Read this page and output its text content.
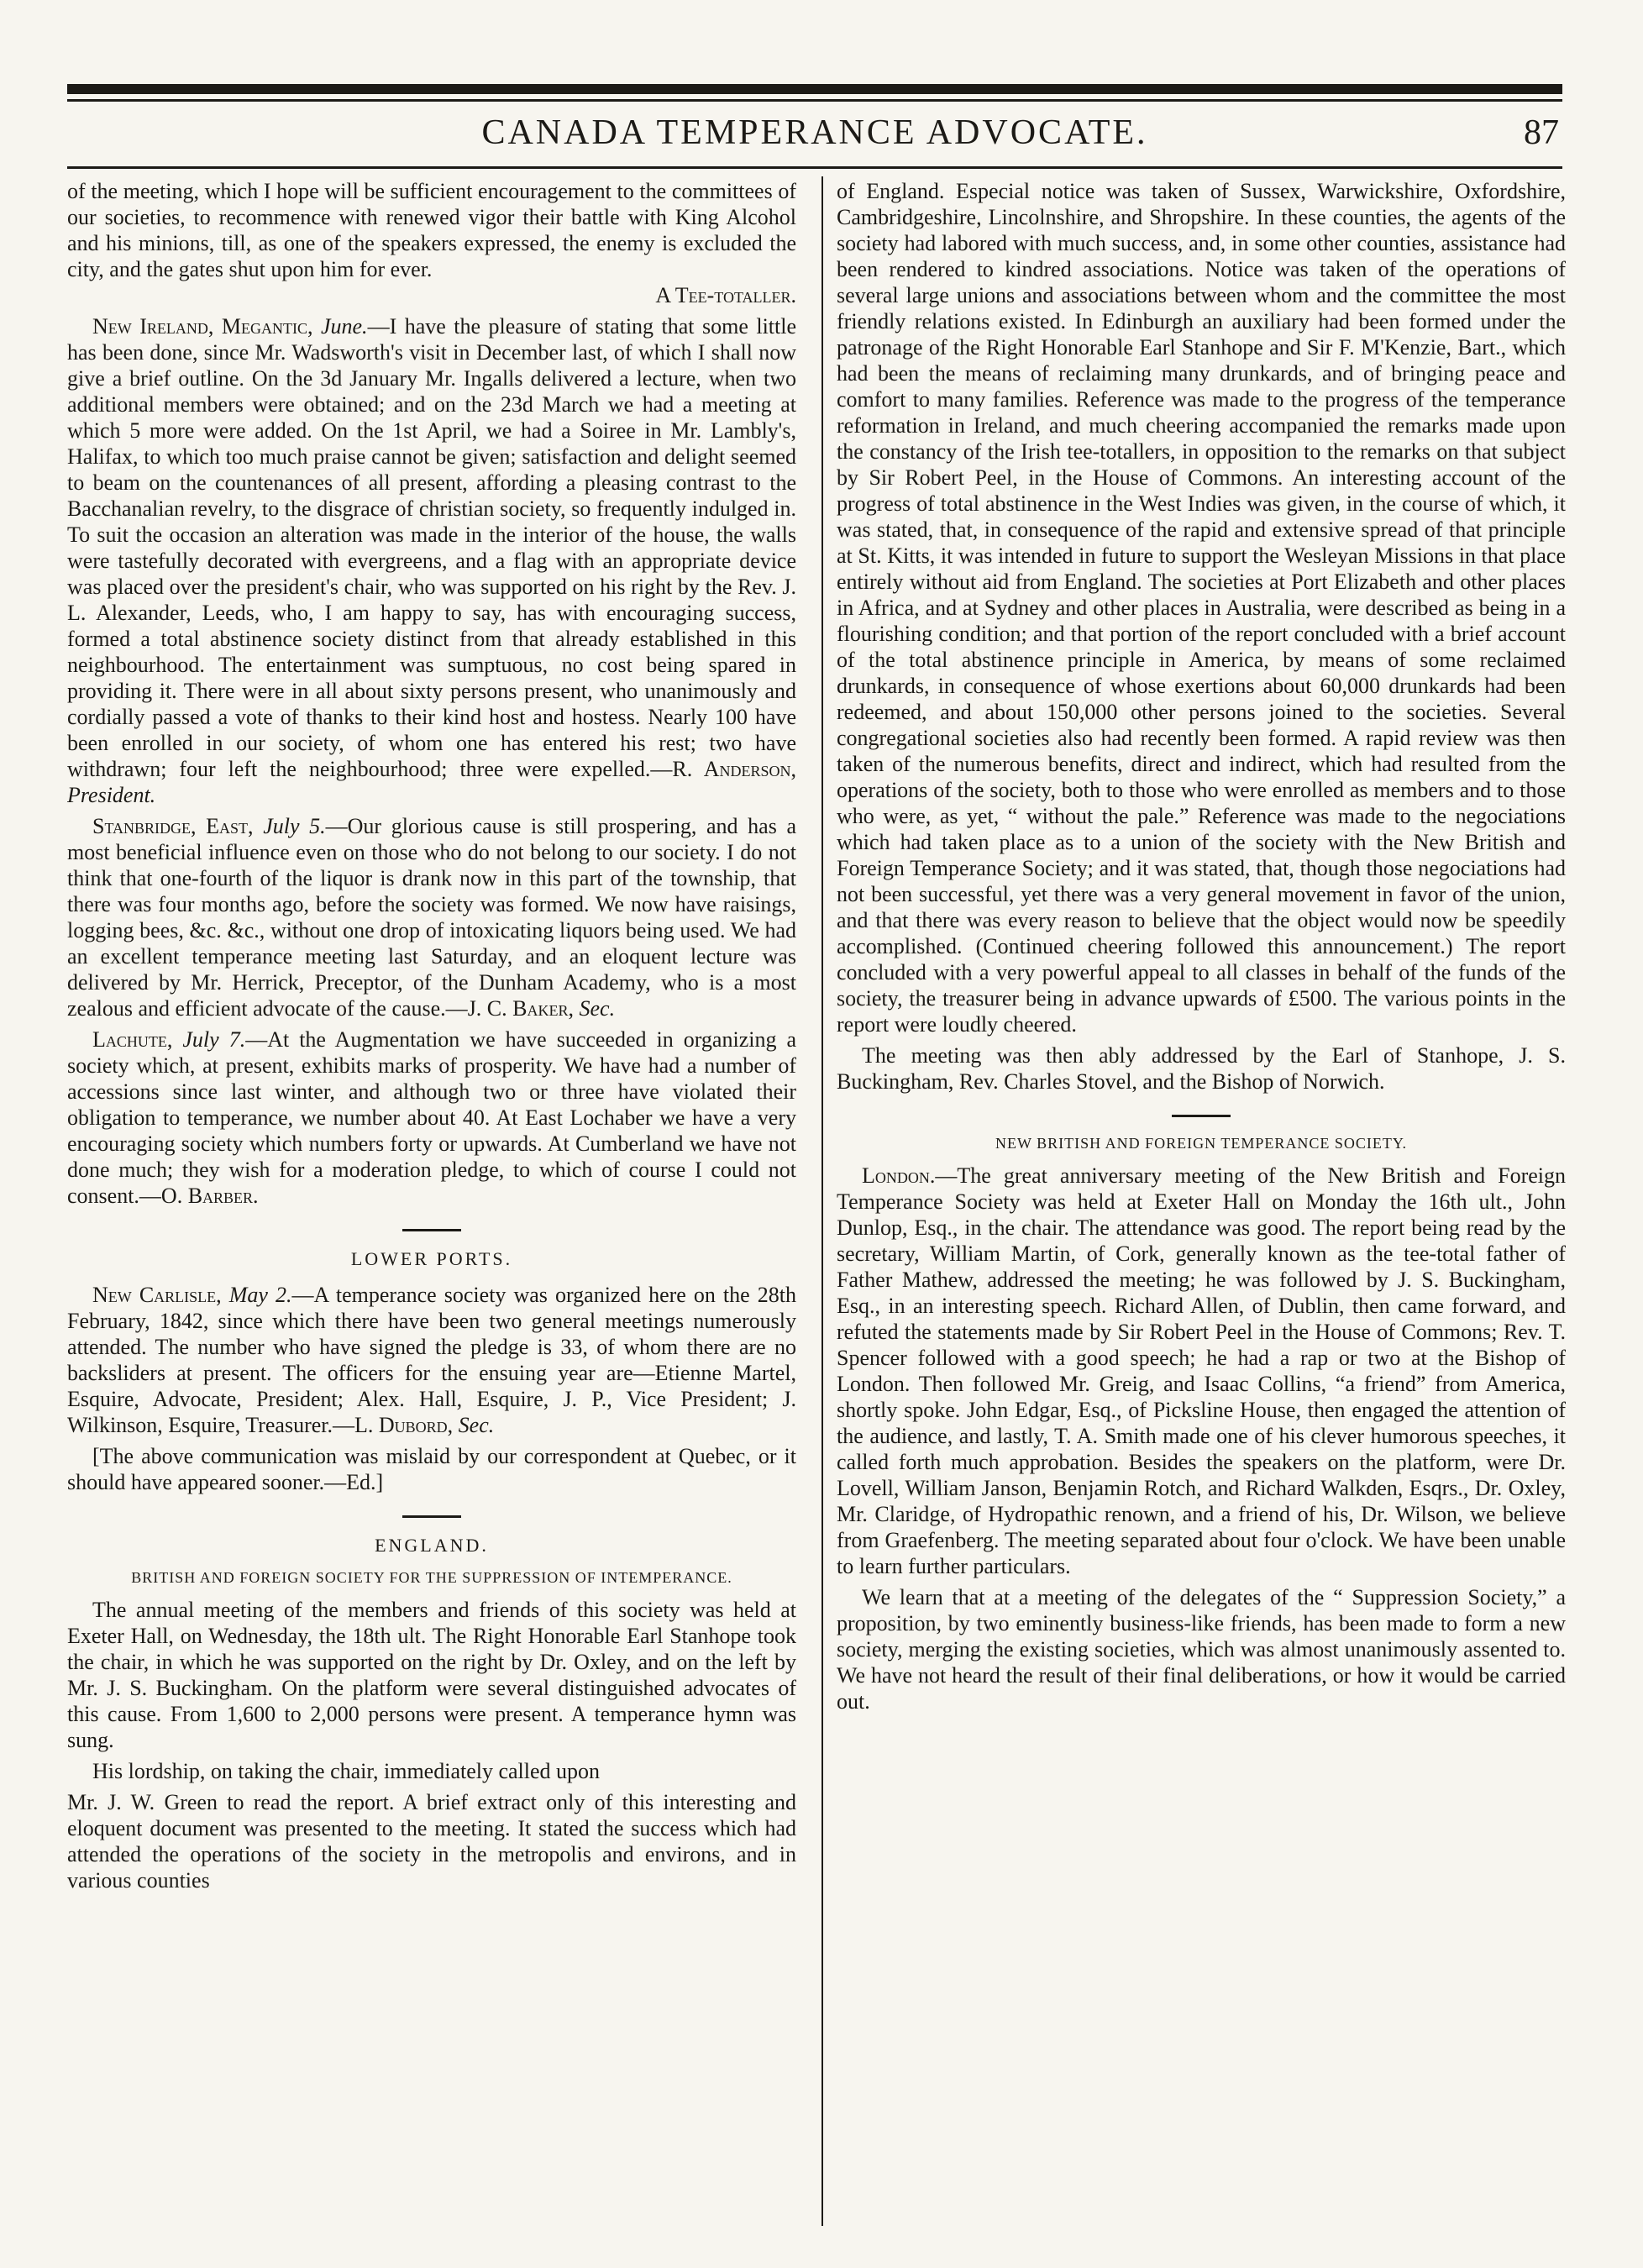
CANADA TEMPERANCE ADVOCATE.	87

of the meeting, which I hope will be sufficient encouragement to the committees of our societies, to recommence with renewed vigor their battle with King Alcohol and his minions, till, as one of the speakers expressed, the enemy is excluded the city, and the gates shut upon him for ever.
A Tee-totaller.

New Ireland, Megantic, June.—I have the pleasure of stating that some little has been done, since Mr. Wadsworth's visit in December last, of which I shall now give a brief outline. On the 3d January Mr. Ingalls delivered a lecture, when two additional members were obtained; and on the 23d March we had a meeting at which 5 more were added. On the 1st April, we had a Soiree in Mr. Lambly's, Halifax, to which too much praise cannot be given; satisfaction and delight seemed to beam on the countenances of all present, affording a pleasing contrast to the Bacchanalian revelry, to the disgrace of christian society, so frequently indulged in. To suit the occasion an alteration was made in the interior of the house, the walls were tastefully decorated with evergreens, and a flag with an appropriate device was placed over the president's chair, who was supported on his right by the Rev. J. L. Alexander, Leeds, who, I am happy to say, has with encouraging success, formed a total abstinence society distinct from that already established in this neighbourhood. The entertainment was sumptuous, no cost being spared in providing it. There were in all about sixty persons present, who unanimously and cordially passed a vote of thanks to their kind host and hostess. Nearly 100 have been enrolled in our society, of whom one has entered his rest; two have withdrawn; four left the neighbourhood; three were expelled.—R. Anderson, President.

Stanbridge, East, July 5.—Our glorious cause is still prospering, and has a most beneficial influence even on those who do not belong to our society. I do not think that one-fourth of the liquor is drank now in this part of the township, that there was four months ago, before the society was formed. We now have raisings, logging bees, &c. &c., without one drop of intoxicating liquors being used. We had an excellent temperance meeting last Saturday, and an eloquent lecture was delivered by Mr. Herrick, Preceptor, of the Dunham Academy, who is a most zealous and efficient advocate of the cause.—J. C. Baker, Sec.

Lachute, July 7.—At the Augmentation we have succeeded in organizing a society which, at present, exhibits marks of prosperity. We have had a number of accessions since last winter, and although two or three have violated their obligation to temperance, we number about 40. At East Lochaber we have a very encouraging society which numbers forty or upwards. At Cumberland we have not done much; they wish for a moderation pledge, to which of course I could not consent.—O. Barber.

LOWER PORTS.

New Carlisle, May 2.—A temperance society was organized here on the 28th February, 1842, since which there have been two general meetings numerously attended. The number who have signed the pledge is 33, of whom there are no backsliders at present. The officers for the ensuing year are—Etienne Martel, Esquire, Advocate, President; Alex. Hall, Esquire, J. P., Vice President; J. Wilkinson, Esquire, Treasurer.—L. Dubord, Sec.

[The above communication was mislaid by our correspondent at Quebec, or it should have appeared sooner.—Ed.]

ENGLAND.
BRITISH AND FOREIGN SOCIETY FOR THE SUPPRESSION OF INTEMPERANCE.

The annual meeting of the members and friends of this society was held at Exeter Hall, on Wednesday, the 18th ult. The Right Honorable Earl Stanhope took the chair, in which he was supported on the right by Dr. Oxley, and on the left by Mr. J. S. Buckingham. On the platform were several distinguished advocates of this cause. From 1,600 to 2,000 persons were present. A temperance hymn was sung.

His lordship, on taking the chair, immediately called upon

Mr. J. W. Green to read the report. A brief extract only of this interesting and eloquent document was presented to the meeting. It stated the success which had attended the operations of the society in the metropolis and environs, and in various counties

of England. Especial notice was taken of Sussex, Warwickshire, Oxfordshire, Cambridgeshire, Lincolnshire, and Shropshire. In these counties, the agents of the society had labored with much success, and, in some other counties, assistance had been rendered to kindred associations. Notice was taken of the operations of several large unions and associations between whom and the committee the most friendly relations existed. In Edinburgh an auxiliary had been formed under the patronage of the Right Honorable Earl Stanhope and Sir F. M'Kenzie, Bart., which had been the means of reclaiming many drunkards, and of bringing peace and comfort to many families. Reference was made to the progress of the temperance reformation in Ireland, and much cheering accompanied the remarks made upon the constancy of the Irish tee-totallers, in opposition to the remarks on that subject by Sir Robert Peel, in the House of Commons. An interesting account of the progress of total abstinence in the West Indies was given, in the course of which, it was stated, that, in consequence of the rapid and extensive spread of that principle at St. Kitts, it was intended in future to support the Wesleyan Missions in that place entirely without aid from England. The societies at Port Elizabeth and other places in Africa, and at Sydney and other places in Australia, were described as being in a flourishing condition; and that portion of the report concluded with a brief account of the total abstinence principle in America, by means of some reclaimed drunkards, in consequence of whose exertions about 60,000 drunkards had been redeemed, and about 150,000 other persons joined to the societies. Several congregational societies also had recently been formed. A rapid review was then taken of the numerous benefits, direct and indirect, which had resulted from the operations of the society, both to those who were enrolled as members and to those who were, as yet, “ without the pale.” Reference was made to the negociations which had taken place as to a union of the society with the New British and Foreign Temperance Society; and it was stated, that, though those negociations had not been successful, yet there was a very general movement in favor of the union, and that there was every reason to believe that the object would now be speedily accomplished. (Continued cheering followed this announcement.) The report concluded with a very powerful appeal to all classes in behalf of the funds of the society, the treasurer being in advance upwards of £500. The various points in the report were loudly cheered.

The meeting was then ably addressed by the Earl of Stanhope, J. S. Buckingham, Rev. Charles Stovel, and the Bishop of Norwich.

NEW BRITISH AND FOREIGN TEMPERANCE SOCIETY.

London.—The great anniversary meeting of the New British and Foreign Temperance Society was held at Exeter Hall on Monday the 16th ult., John Dunlop, Esq., in the chair. The attendance was good. The report being read by the secretary, William Martin, of Cork, generally known as the tee-total father of Father Mathew, addressed the meeting; he was followed by J. S. Buckingham, Esq., in an interesting speech. Richard Allen, of Dublin, then came forward, and refuted the statements made by Sir Robert Peel in the House of Commons; Rev. T. Spencer followed with a good speech; he had a rap or two at the Bishop of London. Then followed Mr. Greig, and Isaac Collins, “a friend” from America, shortly spoke. John Edgar, Esq., of Picksline House, then engaged the attention of the audience, and lastly, T. A. Smith made one of his clever humorous speeches, it called forth much approbation. Besides the speakers on the platform, were Dr. Lovell, William Janson, Benjamin Rotch, and Richard Walkden, Esqrs., Dr. Oxley, Mr. Claridge, of Hydropathic renown, and a friend of his, Dr. Wilson, we believe from Graefenberg. The meeting separated about four o'clock. We have been unable to learn further particulars.

We learn that at a meeting of the delegates of the “ Suppression Society,” a proposition, by two eminently business-like friends, has been made to form a new society, merging the existing societies, which was almost unanimously assented to. We have not heard the result of their final deliberations, or how it would be carried out.
